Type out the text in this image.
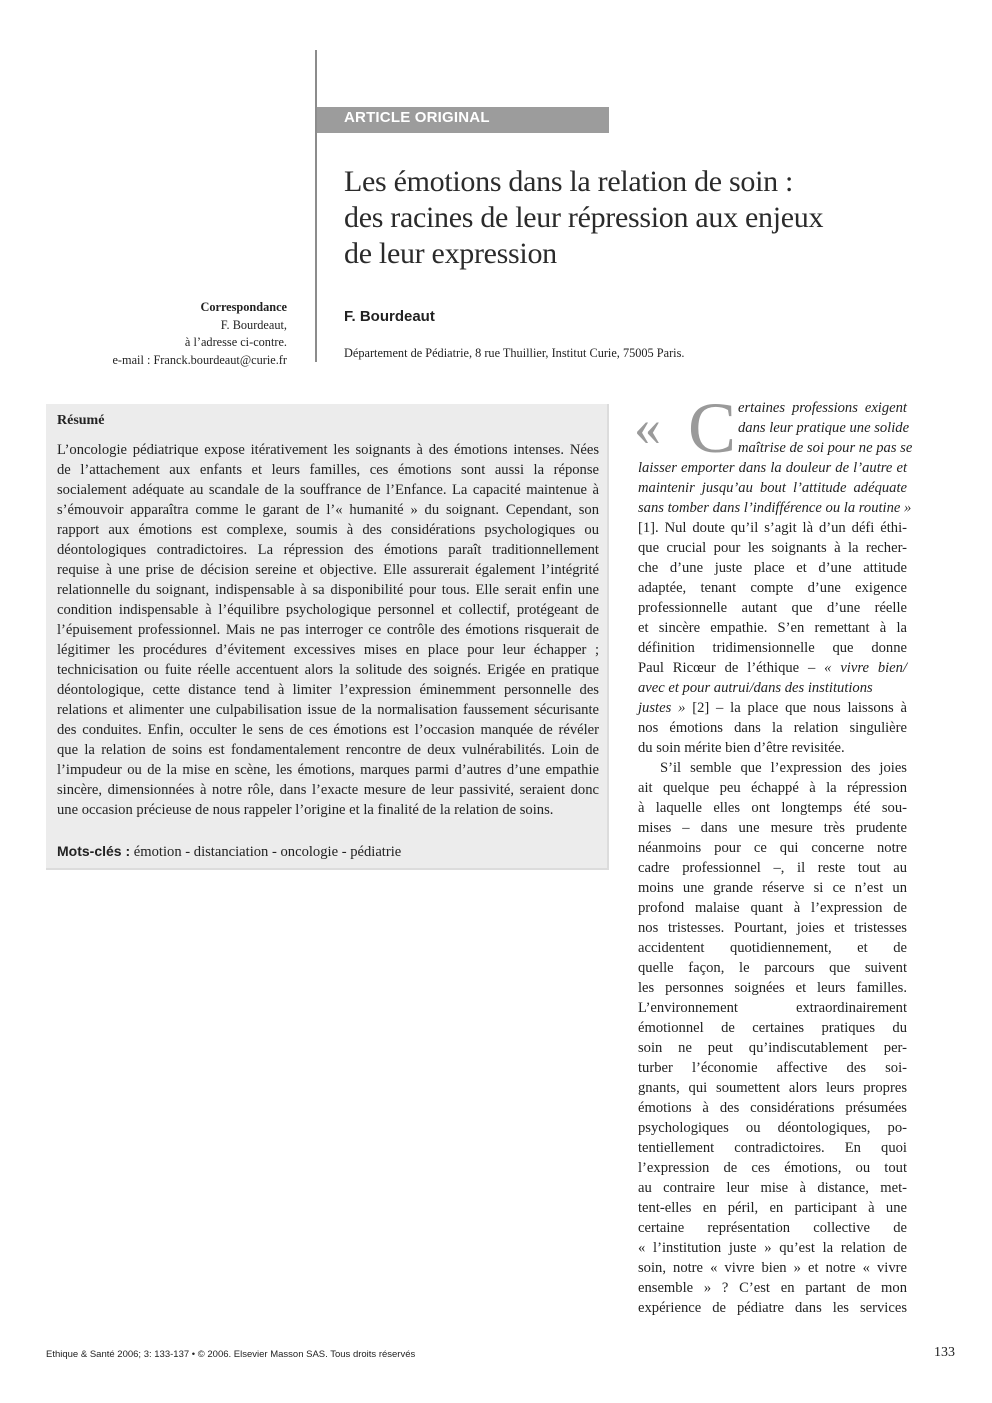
ARTICLE ORIGINAL
Les émotions dans la relation de soin :
des racines de leur répression aux enjeux
de leur expression
Correspondance
F. Bourdeaut,
à l’adresse ci-contre.
e-mail : Franck.bourdeaut@curie.fr
F. Bourdeaut
Département de Pédiatrie, 8 rue Thuillier, Institut Curie, 75005 Paris.
Résumé
L’oncologie pédiatrique expose itérativement les soignants à des émotions intenses. Nées
de l’attachement aux enfants et leurs familles, ces émotions sont aussi la réponse
socialement adéquate au scandale de la souffrance de l’Enfance. La capacité maintenue à
s’émouvoir apparaîtra comme le garant de l’« humanité » du soignant. Cependant, son
rapport aux émotions est complexe, soumis à des considérations psychologiques ou
déontologiques contradictoires. La répression des émotions paraît traditionnellement
requise à une prise de décision sereine et objective. Elle assurerait également l’intégrité
relationnelle du soignant, indispensable à sa disponibilité pour tous. Elle serait enfin une
condition indispensable à l’équilibre psychologique personnel et collectif, protégeant de
l’épuisement professionnel. Mais ne pas interroger ce contrôle des émotions risquerait de
légitimer les procédures d’évitement excessives mises en place pour leur échapper ;
technicisation ou fuite réelle accentuent alors la solitude des soignés. Erigée en pratique
déontologique, cette distance tend à limiter l’expression éminemment personnelle des
relations et alimenter une culpabilisation issue de la normalisation faussement sécurisante
des conduites. Enfin, occulter le sens de ces émotions est l’occasion manquée de révéler
que la relation de soins est fondamentalement rencontre de deux vulnérabilités. Loin de
l’impudeur ou de la mise en scène, les émotions, marques parmi d’autres d’une empathie
sincère, dimensionnées à notre rôle, dans l’exacte mesure de leur passivité, seraient donc
une occasion précieuse de nous rappeler l’origine et la finalité de la relation de soins.
Mots-clés : émotion - distanciation - oncologie - pédiatrie
« C ertaines professions exigent
dans leur pratique une solide
maîtrise de soi pour ne pas se
laisser emporter dans la douleur de l’autre et
maintenir jusqu’au bout l’attitude adéquate
sans tomber dans l’indifférence ou la routine »
[1]. Nul doute qu’il s’agit là d’un défi éthi-
que crucial pour les soignants à la recher-
che d’une juste place et d’une attitude
adaptée, tenant compte d’une exigence
professionnelle autant que d’une réelle
et sincère empathie. S’en remettant à la
définition tridimensionnelle que donne
Paul Ricœur de l’éthique – « vivre bien/
avec et pour autrui/dans des institutions
justes » [2] – la place que nous laissons à
nos émotions dans la relation singulière
du soin mérite bien d’être revisitée.
S’il semble que l’expression des joies
ait quelque peu échappé à la répression
à laquelle elles ont longtemps été sou-
mises – dans une mesure très prudente
néanmoins pour ce qui concerne notre
cadre professionnel –, il reste tout au
moins une grande réserve si ce n’est un
profond malaise quant à l’expression de
nos tristesses. Pourtant, joies et tristesses
accidentent quotidiennement, et de
quelle façon, le parcours que suivent
les personnes soignées et leurs familles.
L’environnement extraordinairement
émotionnel de certaines pratiques du
soin ne peut qu’indiscutablement per-
turber l’économie affective des soi-
gnants, qui soumettent alors leurs propres
émotions à des considérations présumées
psychologiques ou déontologiques, po-
tentiellement contradictoires. En quoi
l’expression de ces émotions, ou tout
au contraire leur mise à distance, met-
tent-elles en péril, en participant à une
certaine représentation collective de
« l’institution juste » qu’est la relation de
soin, notre « vivre bien » et notre « vivre
ensemble » ? C’est en partant de mon
expérience de pédiatre dans les services
Ethique & Santé 2006; 3: 133-137 • © 2006. Elsevier Masson SAS. Tous droits réservés	133
